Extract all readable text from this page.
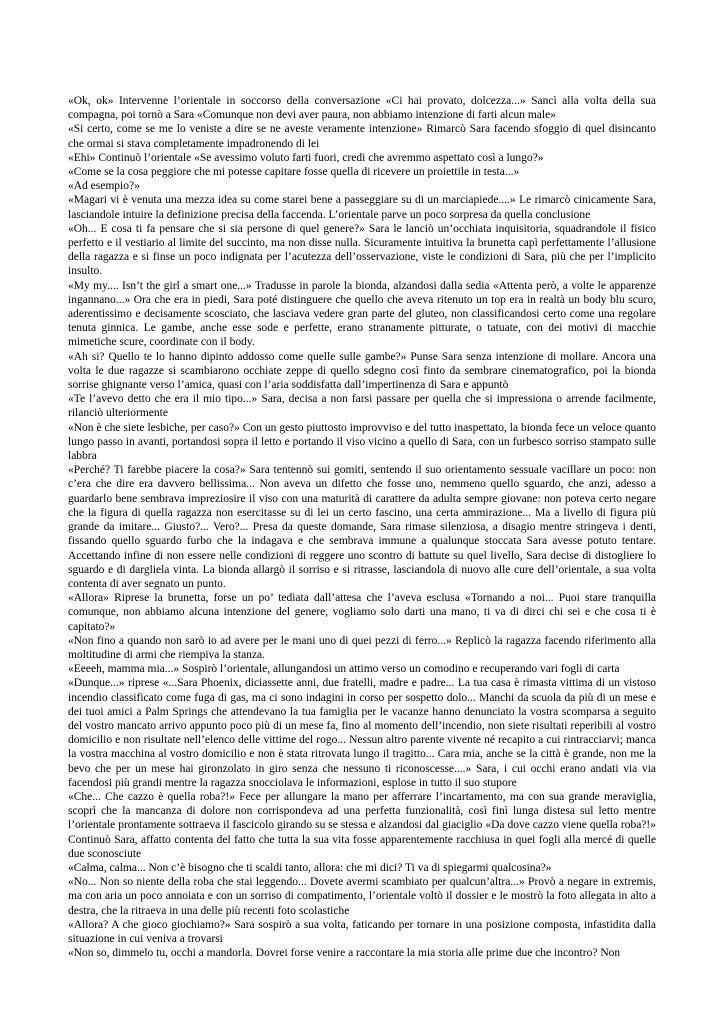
«Ok, ok» Intervenne l’orientale in soccorso della conversazione «Ci hai provato, dolcezza...» Sancì alla volta della sua compagna, poi tornò a Sara «Comunque non devi aver paura, non abbiamo intenzione di farti alcun male»

«Si certo, come se me lo veniste a dire se ne aveste veramente intenzione» Rimarcò Sara facendo sfoggio di quel disincanto che ormai si stava completamente impadronendo di lei

«Ehi» Continuò l’orientale «Se avessimo voluto farti fuori, credi che avremmo aspettato così a lungo?»

«Come se la cosa peggiore che mi potesse capitare fosse quella di ricevere un proiettile in testa...»

«Ad esempio?»

«Magari vi è venuta una mezza idea su come starei bene a passeggiare su di un marciapiede....» Le rimarcò cinicamente Sara, lasciandole intuire la definizione precisa della faccenda. L’orientale parve un poco sorpresa da quella conclusione

«Oh... E cosa ti fa pensare che si sia persone di quel genere?» Sara le lanciò un’occhiata inquisitoria, squadrandole il fisico perfetto e il vestiario al limite del succinto, ma non disse nulla. Sicuramente intuitiva la brunetta capì perfettamente l’allusione della ragazza e si finse un poco indignata per l’acutezza dell’osservazione, viste le condizioni di Sara, più che per l’implicito insulto.

«My my.... Isn’t the girl a smart one...» Tradusse in parole la bionda, alzandosi dalla sedia «Attenta però, a volte le apparenze ingannano...» Ora che era in piedi, Sara poté distinguere che quello che aveva ritenuto un top era in realtà un body blu scuro, aderentissimo e decisamente scosciato, che lasciava vedere gran parte del gluteo, non classificandosi certo come una regolare tenuta ginnica. Le gambe, anche esse sode e perfette, erano stranamente pitturate, o tatuate, con dei motivi di macchie mimetiche scure, coordinate con il body.

«Ah si? Quello te lo hanno dipinto addosso come quelle sulle gambe?» Punse Sara senza intenzione di mollare. Ancora una volta le due ragazze si scambiarono occhiate zeppe di quello sdegno così finto da sembrare cinematografico, poi la bionda sorrise ghignante verso l’amica, quasi con l’aria soddisfatta dall’impertinenza di Sara e appuntò

«Te l’avevo detto che era il mio tipo...» Sara, decisa a non farsi passare per quella che si impressiona o arrende facilmente, rilanciò ulteriormente

«Non è che siete lesbiche, per caso?» Con un gesto piuttosto improvviso e del tutto inaspettato, la bionda fece un veloce quanto lungo passo in avanti, portandosi sopra il letto e portando il viso vicino a quello di Sara, con un furbesco sorriso stampato sulle labbra

«Perché? Ti farebbe piacere la cosa?» Sara tentennò sui gomiti, sentendo il suo orientamento sessuale vacillare un poco: non c’era che dire era davvero bellissima... Non aveva un difetto che fosse uno, nemmeno quello sguardo, che anzi, adesso a guardarlo bene sembrava impreziosire il viso con una maturità di carattere da adulta sempre giovane: non poteva certo negare che la figura di quella ragazza non esercitasse su di lei un certo fascino, una certa ammirazione... Ma a livello di figura più grande da imitare... Giusto?... Vero?... Presa da queste domande, Sara rimase silenziosa, a disagio mentre stringeva i denti, fissando quello sguardo furbo che la indagava e che sembrava immune a qualunque stoccata Sara avesse potuto tentare. Accettando infine di non essere nelle condizioni di reggere uno scontro di battute su quel livello, Sara decise di distogliere lo sguardo e di dargliela vinta. La bionda allargò il sorriso e si ritrasse, lasciandola di nuovo alle cure dell’orientale, a sua volta contenta di aver segnato un punto.

«Allora» Riprese la brunetta, forse un po’ tediata dall’attesa che l’aveva esclusa «Tornando a noi... Puoi stare tranquilla comunque, non abbiamo alcuna intenzione del genere, vogliamo solo darti una mano, ti va di dirci chi sei e che cosa ti è capitato?»

«Non fino a quando non sarò io ad avere per le mani uno di quei pezzi di ferro...» Replicò la ragazza facendo riferimento alla moltitudine di armi che riempiva la stanza.

«Eeeeh, mamma mia...» Sospirò l’orientale, allungandosi un attimo verso un comodino e recuperando vari fogli di carta

«Dunque...» riprese «...Sara Phoenix, diciassette anni, due fratelli, madre e padre... La tua casa è rimasta vittima di un vistoso incendio classificato come fuga di gas, ma ci sono indagini in corso per sospetto dolo... Manchi da scuola da più di un mese e dei tuoi amici a Palm Springs che attendevano la tua famiglia per le vacanze hanno denunciato la vostra scomparsa a seguito del vostro mancato arrivo appunto poco più di un mese fa, fino al momento dell’incendio, non siete risultati reperibili al vostro domicilio e non risultate nell’elenco delle vittime del rogo... Nessun altro parente vivente né recapito a cui rintracciarvi; manca la vostra macchina al vostro domicilio e non è stata ritrovata lungo il tragitto... Cara mia, anche se la città è grande, non me la bevo che per un mese hai gironzolato in giro senza che nessuno ti riconoscesse....» Sara, i cui occhi erano andati via via facendosi più grandi mentre la ragazza snocciolava le informazioni, esplose in tutto il suo stupore

«Che... Che cazzo è quella roba?!» Fece per allungare la mano per afferrare l’incartamento, ma con sua grande meraviglia, scoprì che la mancanza di dolore non corrispondeva ad una perfetta funzionalità, così finì lunga distesa sul letto mentre l’orientale prontamente sottraeva il fascicolo girando su se stessa e alzandosi dal giaciglio «Da dove cazzo viene quella roba?!» Continuò Sara, affatto contenta del fatto che tutta la sua vita fosse apparentemente racchiusa in quei fogli alla mercé di quelle due sconosciute

«Calma, calma... Non c’è bisogno che ti scaldi tanto, allora: che mi dici? Ti va di spiegarmi qualcosina?»

«No... Non so niente della roba che stai leggendo... Dovete avermi scambiato per qualcun’altra...» Provò a negare in extremis, ma con aria un poco annoiata e con un sorriso di compatimento, l’orientale voltò il dossier e le mostrò la foto allegata in alto a destra, che la ritraeva in una delle più recenti foto scolastiche

«Allora? A che gioco giochiamo?» Sara sospirò a sua volta, faticando per tornare in una posizione composta, infastidita dalla situazione in cui veniva a trovarsi

«Non so, dimmelo tu, occhi a mandorla. Dovrei forse venire a raccontare la mia storia alle prime due che incontro? Non
